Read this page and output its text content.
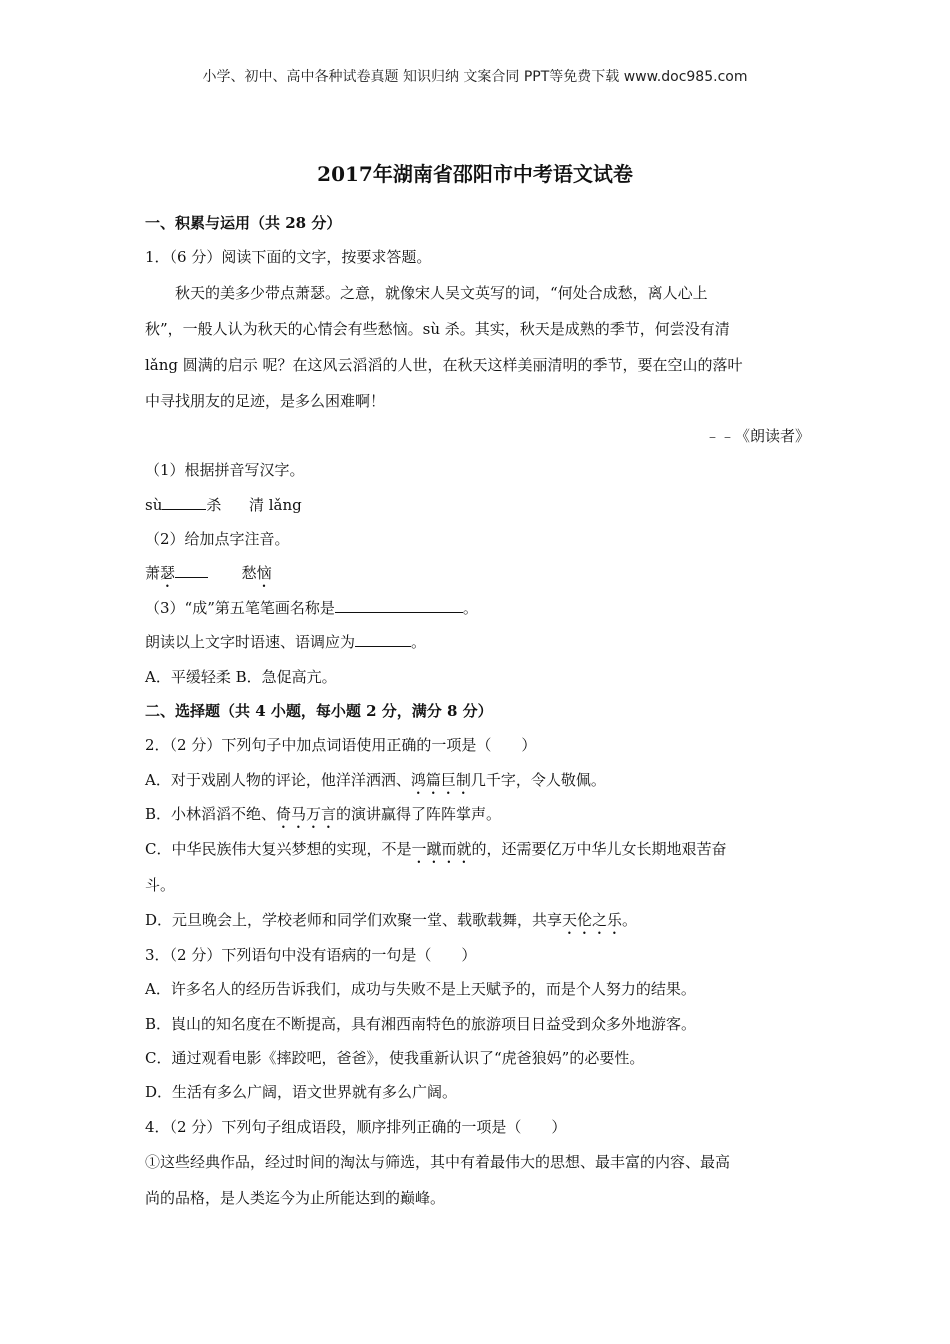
小学、初中、高中各种试卷真题 知识归纳 文案合同 PPT等免费下载 www.doc985.com
2017年湖南省邵阳市中考语文试卷
一、积累与运用（共 28 分）
1．（6 分）阅读下面的文字，按要求答题。
秋天的美多少带点萧瑟。之意，就像宋人吴文英写的词，“何处合成愁，离人心上
秋”，一般人认为秋天的心情会有些愁恼。sù 杀。其实，秋天是成熟的季节，何尝没有清
lǎng 圆满的启示 呢？在这风云滔滔的人世，在秋天这样美丽清明的季节，要在空山的落叶
中寻找朋友的足迹，是多么困难啊！
﹣﹣《朗读者》
（1）根据拼音写汉字。
sù	杀 清 lǎng
（2）给加点字注音。
萧瑟	愁恼
（3）“成”第五笔笔画名称是	。
朗读以上文字时语速、语调应为	。
A．平缓轻柔 B．急促高亢。
二、选择题（共 4 小题，每小题 2 分，满分 8 分）
2．（2 分）下列句子中加点词语使用正确的一项是（　　）
A．对于戏剧人物的评论，他洋洋洒洒、鸿篇巨制几千字，令人敬佩。
B．小林滔滔不绝、倚马万言的演讲赢得了阵阵掌声。
C．中华民族伟大复兴梦想的实现，不是一蹴而就的，还需要亿万中华儿女长期地艰苦奋
斗。
D．元旦晚会上，学校老师和同学们欢聚一堂、载歌载舞，共享天伦之乐。
3．（2 分）下列语句中没有语病的一句是（　　）
A．许多名人的经历告诉我们，成功与失败不是上天赋予的，而是个人努力的结果。
B．崀山的知名度在不断提高，具有湘西南特色的旅游项目日益受到众多外地游客。
C．通过观看电影《摔跤吧，爸爸》，使我重新认识了“虎爸狼妈”的必要性。
D．生活有多么广阔，语文世界就有多么广阔。
4．（2 分）下列句子组成语段，顺序排列正确的一项是（　　）
①这些经典作品，经过时间的淘汰与筛选，其中有着最伟大的思想、最丰富的内容、最高
尚的品格，是人类迄今为止所能达到的巅峰。
